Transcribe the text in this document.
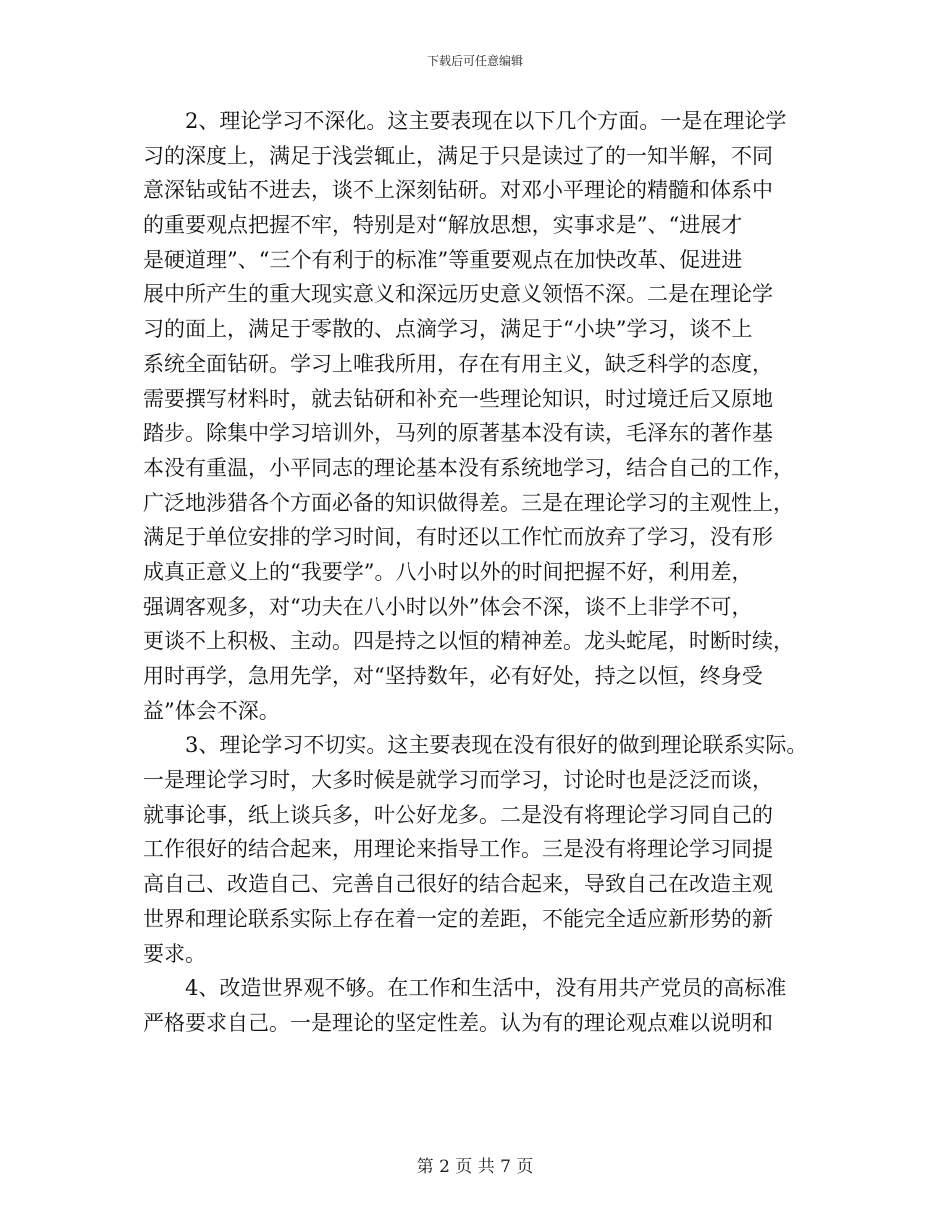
下载后可任意编辑
2、理论学习不深化。这主要表现在以下几个方面。一是在理论学
习的深度上，满足于浅尝辄止，满足于只是读过了的一知半解，不同
意深钻或钻不进去，谈不上深刻钻研。对邓小平理论的精髓和体系中
的重要观点把握不牢，特别是对“解放思想，实事求是”、“进展才
是硬道理”、“三个有利于的标准”等重要观点在加快改革、促进进
展中所产生的重大现实意义和深远历史意义领悟不深。二是在理论学
习的面上，满足于零散的、点滴学习，满足于“小块”学习，谈不上
系统全面钻研。学习上唯我所用，存在有用主义，缺乏科学的态度，
需要撰写材料时，就去钻研和补充一些理论知识，时过境迁后又原地
踏步。除集中学习培训外，马列的原著基本没有读，毛泽东的著作基
本没有重温，小平同志的理论基本没有系统地学习，结合自己的工作，
广泛地涉猎各个方面必备的知识做得差。三是在理论学习的主观性上，
满足于单位安排的学习时间，有时还以工作忙而放弃了学习，没有形
成真正意义上的“我要学”。八小时以外的时间把握不好，利用差，
强调客观多，对“功夫在八小时以外”体会不深，谈不上非学不可，
更谈不上积极、主动。四是持之以恒的精神差。龙头蛇尾，时断时续，
用时再学，急用先学，对“坚持数年，必有好处，持之以恒，终身受
益”体会不深。
3、理论学习不切实。这主要表现在没有很好的做到理论联系实际。
一是理论学习时，大多时候是就学习而学习，讨论时也是泛泛而谈，
就事论事，纸上谈兵多，叶公好龙多。二是没有将理论学习同自己的
工作很好的结合起来，用理论来指导工作。三是没有将理论学习同提
高自己、改造自己、完善自己很好的结合起来，导致自己在改造主观
世界和理论联系实际上存在着一定的差距，不能完全适应新形势的新
要求。
4、改造世界观不够。在工作和生活中，没有用共产党员的高标准
严格要求自己。一是理论的坚定性差。认为有的理论观点难以说明和
第 2 页 共 7 页
